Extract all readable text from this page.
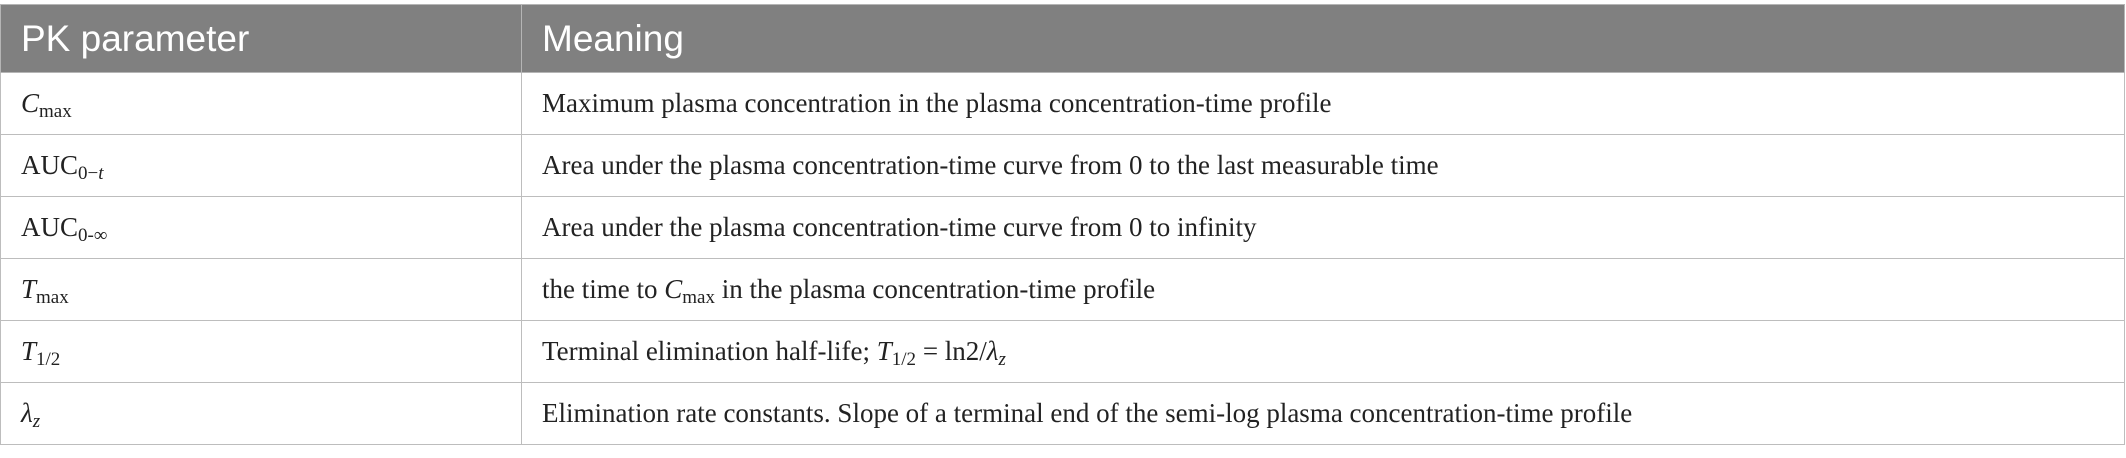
PK parameter	Meaning
$C_{max}$	Maximum plasma concentration in the plasma concentration-time profile
$AUC_{0-t}$	Area under the plasma concentration-time curve from 0 to the last measurable time
$AUC_{0-\infty}$	Area under the plasma concentration-time curve from 0 to infinity
$T_{max}$	the time to $C_{max}$ in the plasma concentration-time profile
$T_{1/2}$	Terminal elimination half-life; $T_{1/2} = \ln 2/\lambda_z$
$\lambda_z$	Elimination rate constants. Slope of a terminal end of the semi-log plasma concentration-time profile
